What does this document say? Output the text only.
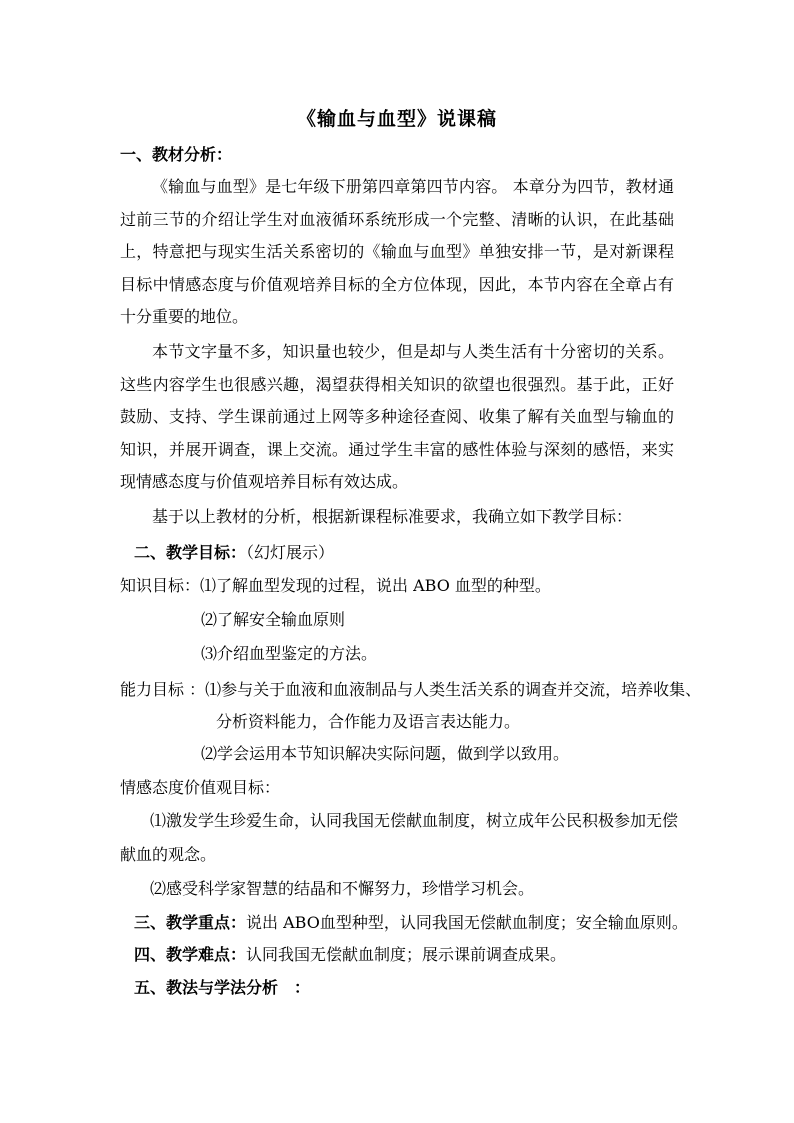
《输血与血型》说课稿
一、教材分析：
《输血与血型》是七年级下册第四章第四节内容。 本章分为四节，教材通过前三节的介绍让学生对血液循环系统形成一个完整、清晰的认识，在此基础上，特意把与现实生活关系密切的《输血与血型》单独安排一节，是对新课程目标中情感态度与价值观培养目标的全方位体现，因此，本节内容在全章占有十分重要的地位。
本节文字量不多，知识量也较少，但是却与人类生活有十分密切的关系。这些内容学生也很感兴趣，渴望获得相关知识的欲望也很强烈。基于此，正好鼓励、支持、学生课前通过上网等多种途径查阅、收集了解有关血型与输血的知识，并展开调查，课上交流。通过学生丰富的感性体验与深刻的感悟，来实现情感态度与价值观培养目标有效达成。
基于以上教材的分析，根据新课程标准要求，我确立如下教学目标：
二、教学目标：（幻灯展示）
知识目标：⑴了解血型发现的过程，说出 ABO 血型的种型。
⑵了解安全输血原则
⑶介绍血型鉴定的方法。
能力目标 ：⑴参与关于血液和血液制品与人类生活关系的调查并交流，培养收集、
分析资料能力，合作能力及语言表达能力。
⑵学会运用本节知识解决实际问题，做到学以致用。
情感态度价值观目标：
⑴激发学生珍爱生命，认同我国无偿献血制度，树立成年公民积极参加无偿
献血的观念。
⑵感受科学家智慧的结晶和不懈努力，珍惜学习机会。
三、教学重点：说出 ABO血型种型，认同我国无偿献血制度；安全输血原则。
四、教学难点：认同我国无偿献血制度；展示课前调查成果。
五、教法与学法分析　：
